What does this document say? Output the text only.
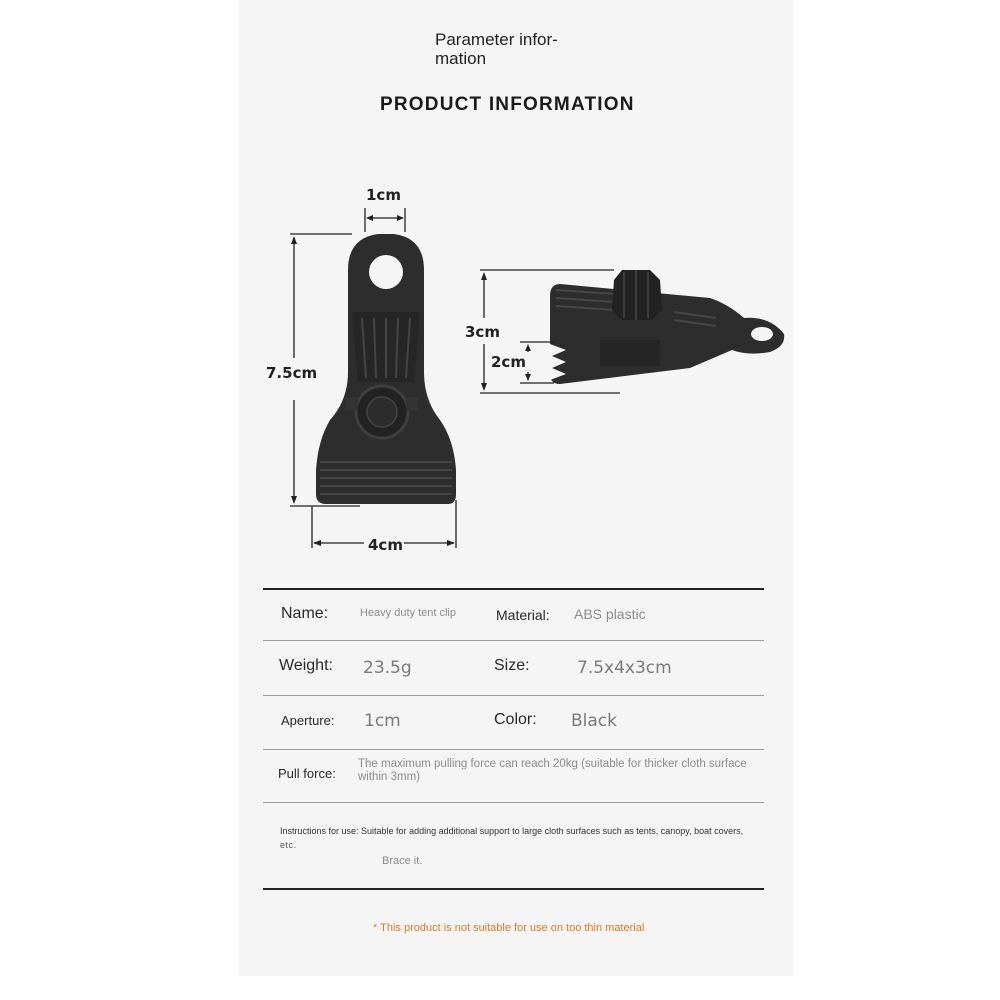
Parameter infor-
mation
PRODUCT INFORMATION
1cm
7.5cm
4cm
3cm
2cm
Name:	Heavy duty tent clip	Material: ABS plastic
Weight: 23.5g	Size:	7.5x4x3cm
Aperture: 1cm	Color: Black
Pull force:
The maximum pulling force can reach 20kg (suitable for thicker cloth surface within 3mm)
Instructions for use: Suitable for adding additional support to large cloth surfaces such as tents, canopy, boat covers,
etc.
Brace it.
* This product is not suitable for use on too thin material
